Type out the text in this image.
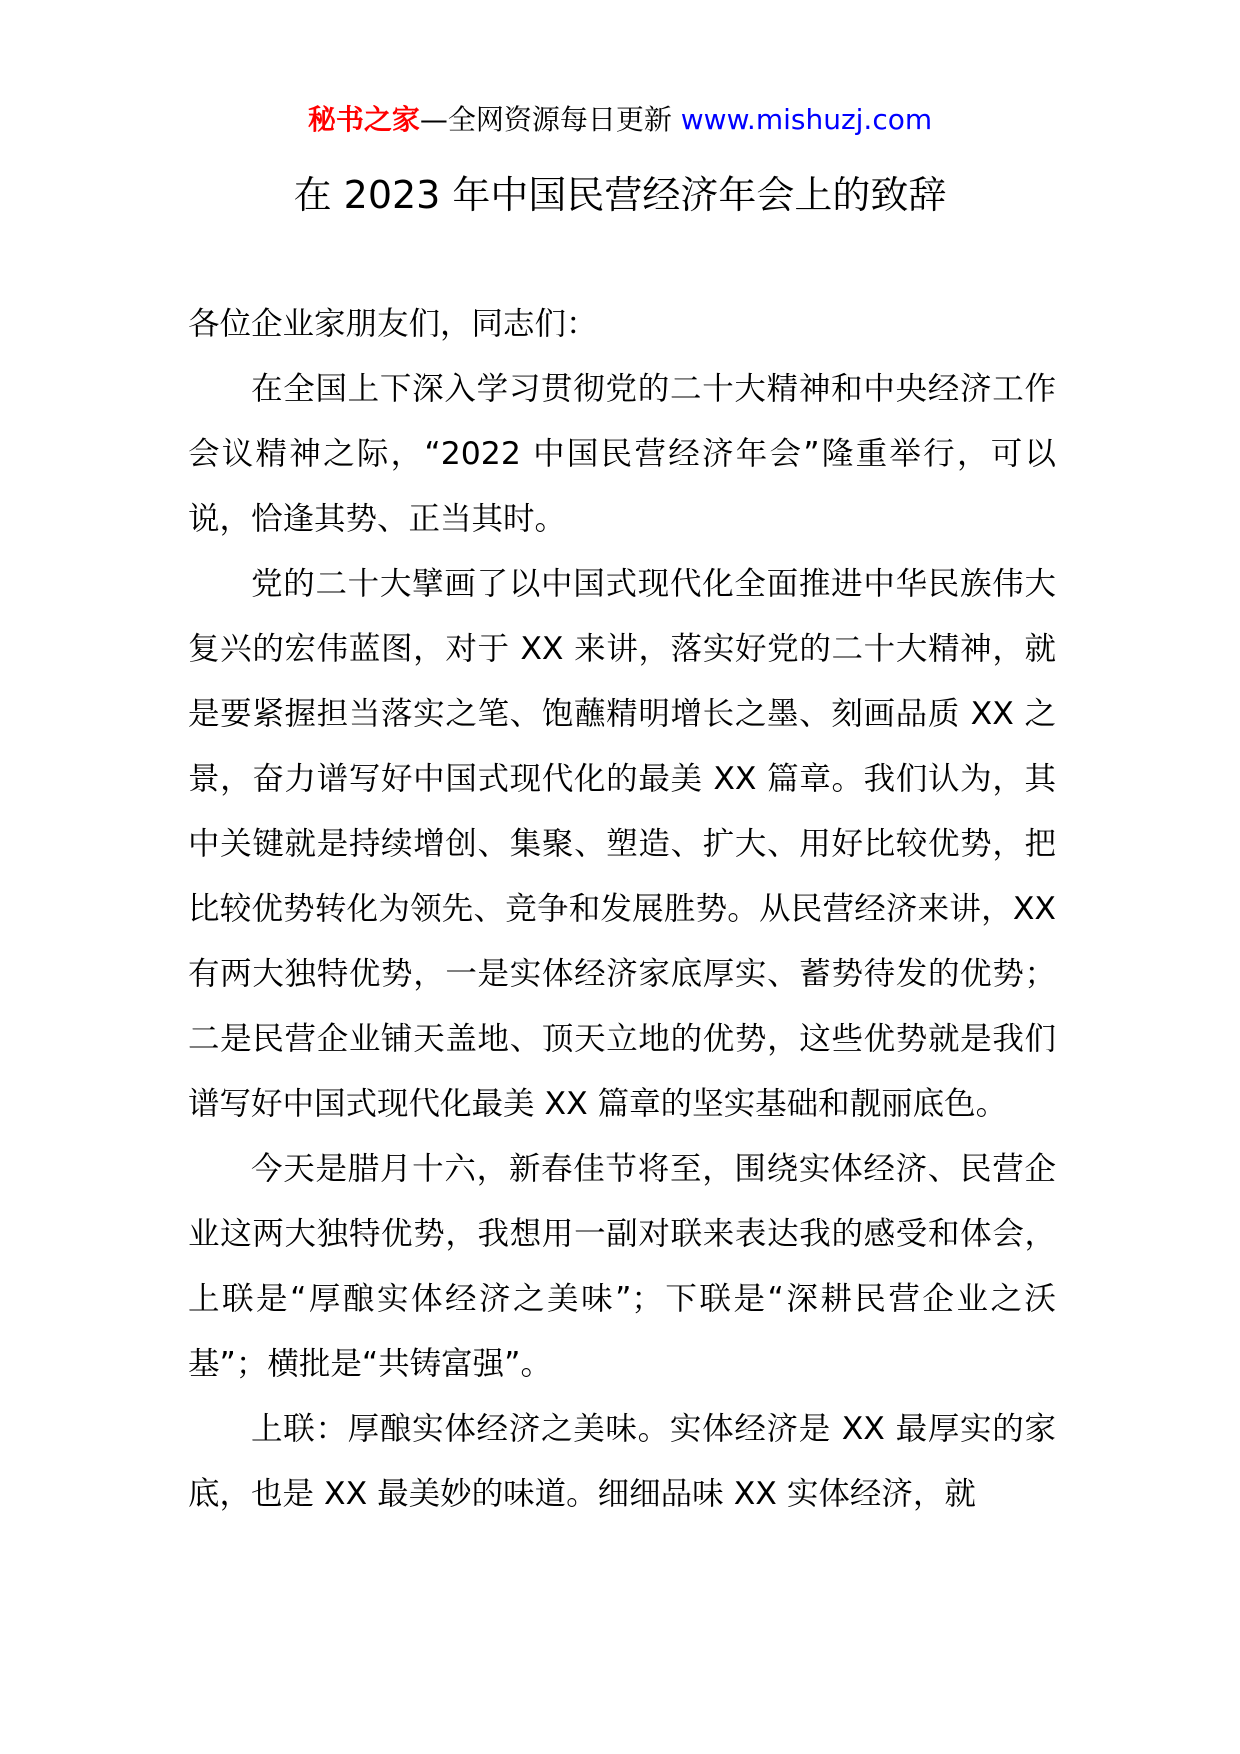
秘书之家—全网资源每日更新 www.mishuzj.com
在 2023 年中国民营经济年会上的致辞

各位企业家朋友们，同志们：

在全国上下深入学习贯彻党的二十大精神和中央经济工作会议精神之际，“2022 中国民营经济年会”隆重举行，可以说，恰逢其势、正当其时。

党的二十大擘画了以中国式现代化全面推进中华民族伟大复兴的宏伟蓝图，对于 XX 来讲，落实好党的二十大精神，就是要紧握担当落实之笔、饱蘸精明增长之墨、刻画品质 XX 之景，奋力谱写好中国式现代化的最美 XX 篇章。我们认为，其中关键就是持续增创、集聚、塑造、扩大、用好比较优势，把比较优势转化为领先、竞争和发展胜势。从民营经济来讲，XX 有两大独特优势，一是实体经济家底厚实、蓄势待发的优势；二是民营企业铺天盖地、顶天立地的优势，这些优势就是我们谱写好中国式现代化最美 XX 篇章的坚实基础和靓丽底色。

今天是腊月十六，新春佳节将至，围绕实体经济、民营企业这两大独特优势，我想用一副对联来表达我的感受和体会，上联是“厚酿实体经济之美味”；下联是“深耕民营企业之沃基”；横批是“共铸富强”。

上联：厚酿实体经济之美味。实体经济是 XX 最厚实的家底，也是 XX 最美妙的味道。细细品味 XX 实体经济，就
